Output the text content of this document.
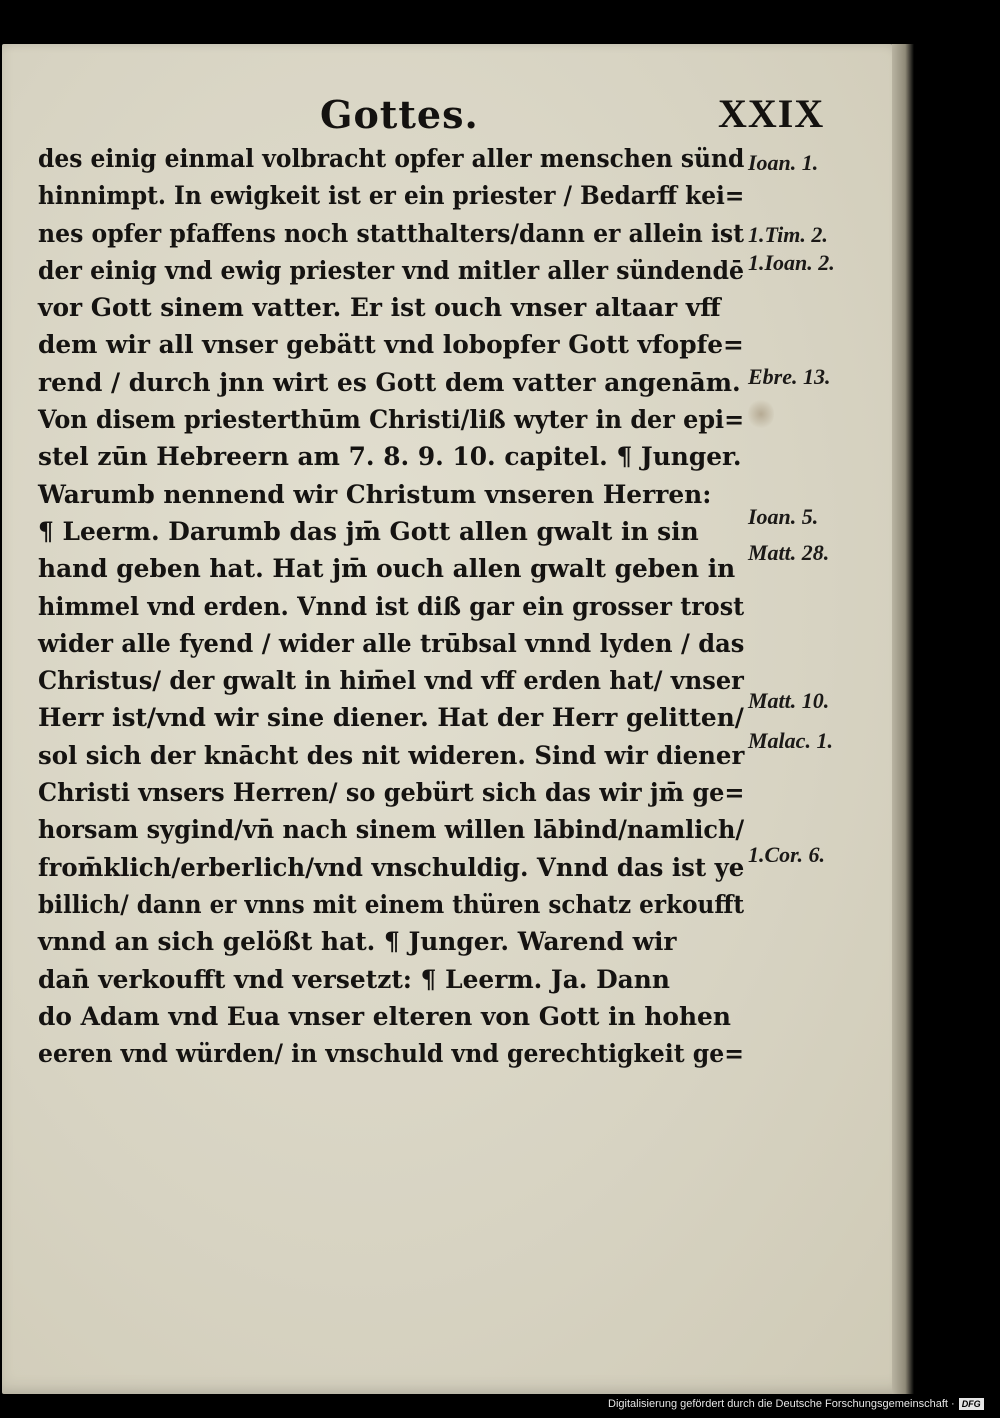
Gottes.	XXIX
des einig einmal volbracht opfer aller menschen sünd
hinnimpt. In ewigkeit ist er ein priester / Bedarff kei=
nes opfer pfaffens noch statthalters/dann er allein ist
der einig vnd ewig priester vnd mitler aller sündendē
vor Gott sinem vatter. Er ist ouch vnser altaar vff
dem wir all vnser gebätt vnd lobopfer Gott vfopfe=
rend / durch jnn wirt es Gott dem vatter angenām.
Von disem priesterthūm Christi/liß wyter in der epi=
stel zūn Hebreern am 7. 8. 9. 10. capitel. ¶ Junger.
Warumb nennend wir Christum vnseren Herren:
¶ Leerm. Darumb das jm̄ Gott allen gwalt in sin
hand geben hat. Hat jm̄ ouch allen gwalt geben in
himmel vnd erden. Vnnd ist diß gar ein grosser trost
wider alle fyend / wider alle trūbsal vnnd lyden / das
Christus/ der gwalt in him̄el vnd vff erden hat/ vnser
Herr ist/vnd wir sine diener. Hat der Herr gelitten/
sol sich der knācht des nit wideren. Sind wir diener
Christi vnsers Herren/ so gebürt sich das wir jm̄ ge=
horsam sygind/vn̄ nach sinem willen lābind/namlich/
from̄klich/erberlich/vnd vnschuldig. Vnnd das ist ye
billich/ dann er vnns mit einem thüren schatz erkoufft
vnnd an sich gelößt hat. ¶ Junger. Warend wir
dan̄ verkoufft vnd versetzt: ¶ Leerm. Ja. Dann
do Adam vnd Eua vnser elteren von Gott in hohen
eeren vnd würden/ in vnschuld vnd gerechtigkeit ge=
Ioan. 1.
1.Tim. 2.
1.Ioan. 2.
Ebre. 13.
Ioan. 5.
Matt. 28.
Matt. 10.
Malac. 1.
1.Cor. 6.
Digitalisierung gefördert durch die Deutsche Forschungsgemeinschaft · DFG
